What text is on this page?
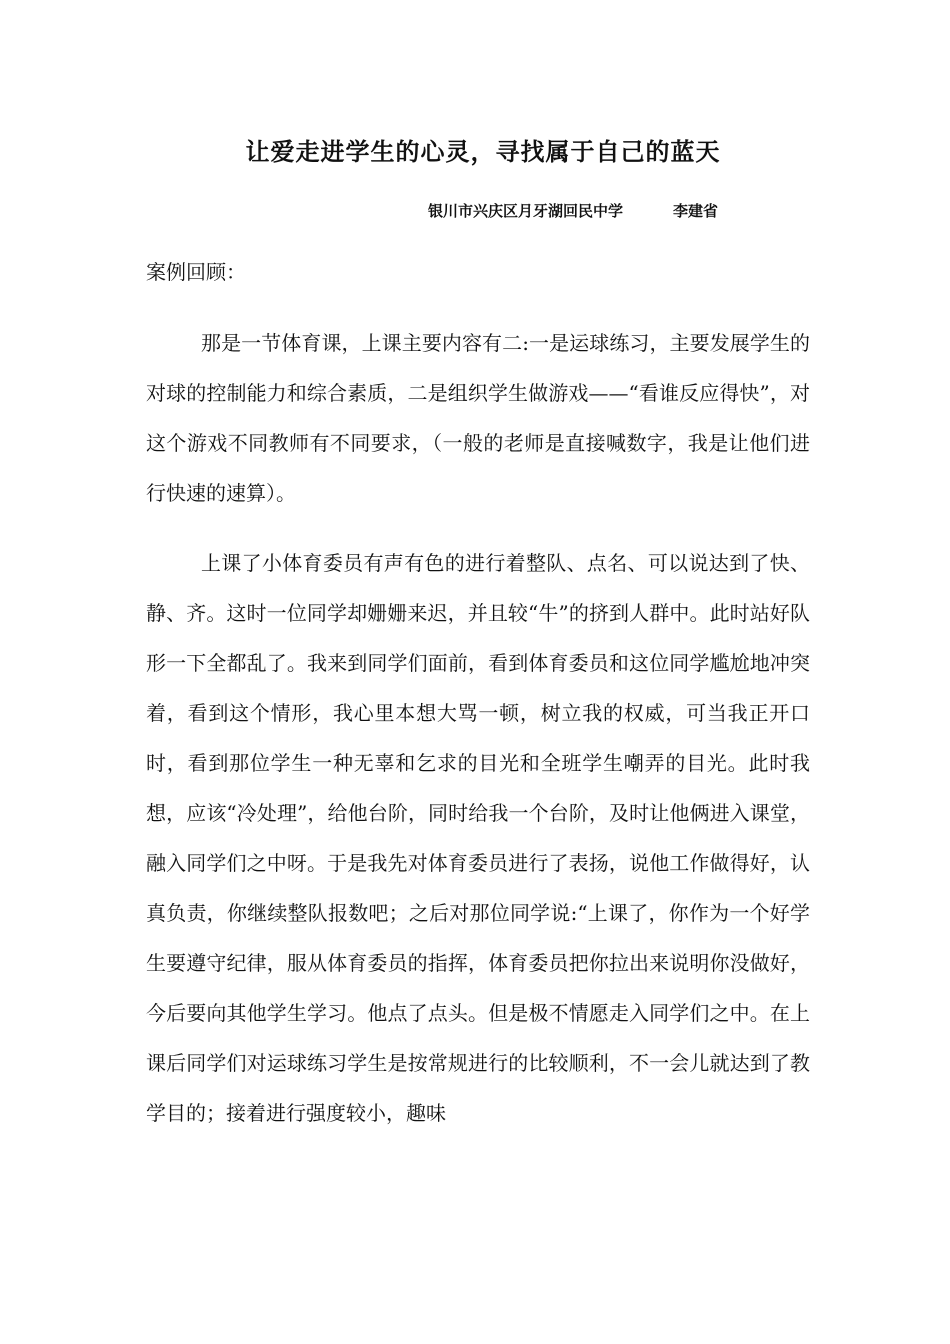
让爱走进学生的心灵，寻找属于自己的蓝天
银川市兴庆区月牙湖回民中学	李建省
案例回顾：

那是一节体育课，上课主要内容有二:一是运球练习，主要发展学生的对球的控制能力和综合素质，二是组织学生做游戏——“看谁反应得快”，对这个游戏不同教师有不同要求，（一般的老师是直接喊数字，我是让他们进行快速的速算）。

上课了小体育委员有声有色的进行着整队、点名、可以说达到了快、静、齐。这时一位同学却姗姗来迟，并且较“牛”的挤到人群中。此时站好队形一下全都乱了。我来到同学们面前，看到体育委员和这位同学尴尬地冲突着，看到这个情形，我心里本想大骂一顿，树立我的权威，可当我正开口时，看到那位学生一种无辜和乞求的目光和全班学生嘲弄的目光。此时我想，应该“冷处理”，给他台阶，同时给我一个台阶，及时让他俩进入课堂，融入同学们之中呀。于是我先对体育委员进行了表扬，说他工作做得好，认真负责，你继续整队报数吧；之后对那位同学说:“上课了，你作为一个好学生要遵守纪律，服从体育委员的指挥，体育委员把你拉出来说明你没做好，今后要向其他学生学习。他点了点头。但是极不情愿走入同学们之中。在上课后同学们对运球练习学生是按常规进行的比较顺利，不一会儿就达到了教学目的；接着进行强度较小，趣味
